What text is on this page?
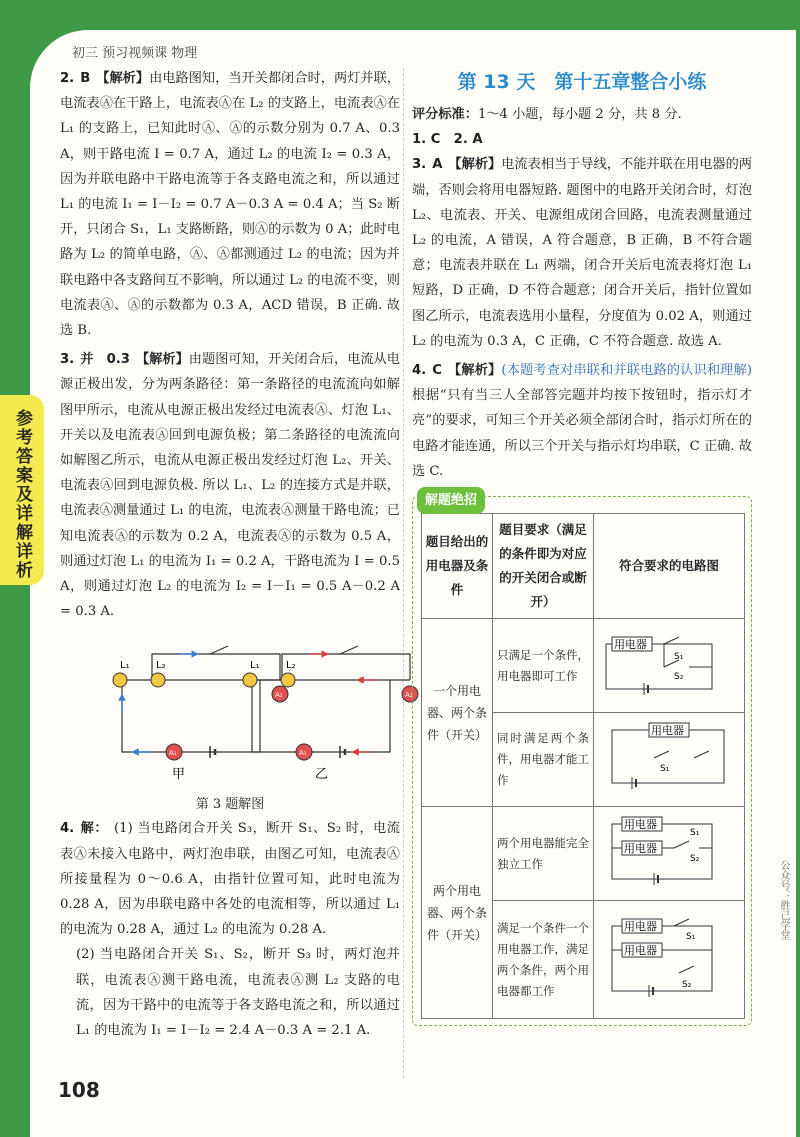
初三 预习视频课 物理
参考答案及详解详析

2. B 【解析】由电路图知，当开关都闭合时，两灯并联，电流表Ⓐ在干路上，电流表Ⓐ在 L₂ 的支路上，电流表Ⓐ在 L₁ 的支路上，已知此时Ⓐ、Ⓐ的示数分别为 0.7 A、0.3 A，则干路电流 I = 0.7 A，通过 L₂ 的电流 I₂ = 0.3 A，因为并联电路中干路电流等于各支路电流之和，所以通过 L₁ 的电流 I₁ = I－I₂ = 0.7 A－0.3 A = 0.4 A；当 S₂ 断开，只闭合 S₁，L₁ 支路断路，则Ⓐ的示数为 0 A；此时电路为 L₂ 的简单电路，Ⓐ、Ⓐ都测通过 L₂ 的电流；因为并联电路中各支路间互不影响，所以通过 L₂ 的电流不变，则电流表Ⓐ、Ⓐ的示数都为 0.3 A，ACD 错误，B 正确. 故选 B.

3. 并　0.3 【解析】由题图可知，开关闭合后，电流从电源正极出发，分为两条路径：第一条路径的电流流向如解图甲所示，电流从电源正极出发经过电流表Ⓐ、灯泡 L₁、开关以及电流表Ⓐ回到电源负极；第二条路径的电流流向如解图乙所示，电流从电源正极出发经过灯泡 L₂、开关、电流表Ⓐ回到电源负极. 所以 L₁、L₂ 的连接方式是并联，电流表Ⓐ测量通过 L₁ 的电流，电流表Ⓐ测量干路电流；已知电流表Ⓐ的示数为 0.2 A，电流表Ⓐ的示数为 0.5 A，则通过灯泡 L₁ 的电流为 I₁ = 0.2 A，干路电流为 I = 0.5 A，则通过灯泡 L₂ 的电流为 I₂ = I－I₁ = 0.5 A－0.2 A = 0.3 A.

L₁	L₂
A₂
A₁
甲
L₁	L₂
A₂
A₁
乙
第 3 题解图

4. 解： (1) 当电路闭合开关 S₃，断开 S₁、S₂ 时，电流表Ⓐ未接入电路中，两灯泡串联，由图乙可知，电流表Ⓐ所接量程为 0～0.6 A，由指针位置可知，此时电流为 0.28 A，因为串联电路中各处的电流相等，所以通过 L₁ 的电流为 0.28 A，通过 L₂ 的电流为 0.28 A.

(2) 当电路闭合开关 S₁、S₂，断开 S₃ 时，两灯泡并联，电流表Ⓐ测干路电流，电流表Ⓐ测 L₂ 支路的电流，因为干路中的电流等于各支路电流之和，所以通过 L₁ 的电流为 I₁ = I－I₂ = 2.4 A－0.3 A = 2.1 A.

第 13 天　第十五章整合小练

评分标准：1～4 小题，每小题 2 分，共 8 分.

1. C　2. A

3. A 【解析】电流表相当于导线，不能并联在用电器的两端，否则会将用电器短路. 题图中的电路开关闭合时，灯泡 L₂、电流表、开关、电源组成闭合回路，电流表测量通过 L₂ 的电流，A 错误，A 符合题意，B 正确，B 不符合题意；电流表并联在 L₁ 两端，闭合开关后电流表将灯泡 L₁ 短路，D 正确，D 不符合题意；闭合开关后，指针位置如图乙所示，电流表选用小量程，分度值为 0.02 A，则通过 L₂ 的电流为 0.3 A，C 正确，C 不符合题意. 故选 A.

4. C 【解析】(本题考查对串联和并联电路的认识和理解)根据“只有当三人全部答完题并均按下按钮时，指示灯才亮”的要求，可知三个开关必须全部闭合时，指示灯所在的电路才能连通，所以三个开关与指示灯均串联，C 正确. 故选 C.

解题绝招
题目给出的用电器及条件	题目要求（满足的条件即为对应的开关闭合或断开）	符合要求的电路图
一个用电器、两个条件（开关）	只满足一个条件，用电器即可工作	用电器
S₁
S₂

	同时满足两个条件，用电器才能工作	用电器
S₁

两个用电器、两个条件（开关）	两个用电器能完全独立工作	用电器
用电器
S₁
S₂

	满足一个条件一个用电器工作，满足两个条件，两个用电器都工作	用电器
用电器
S₁
S₂
108
公众号：胜己学堂
